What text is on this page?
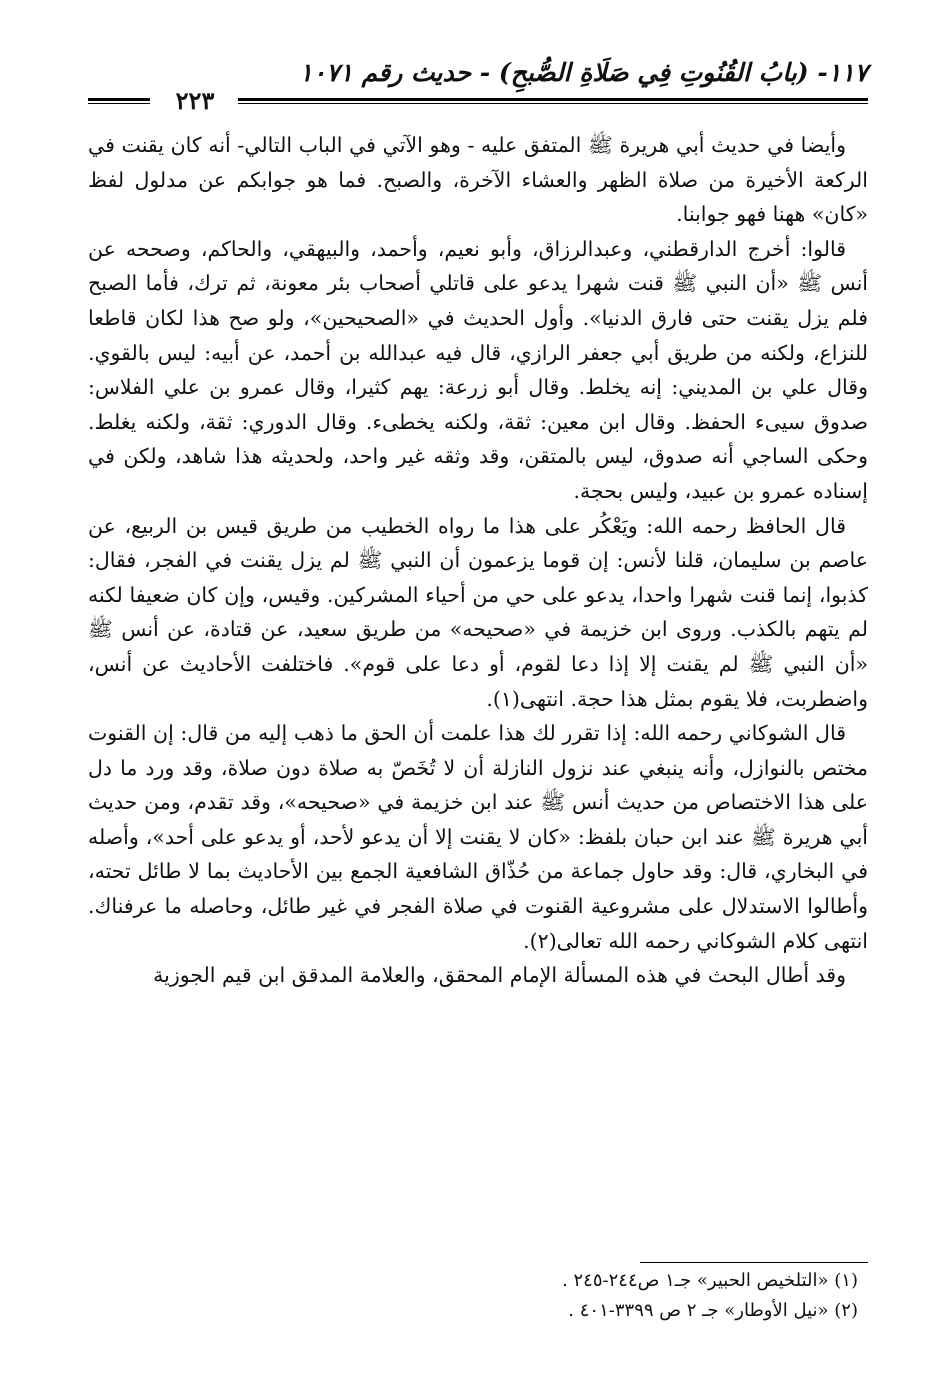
١١٧- (بابُ القُنُوتِ فِي صَلَاةِ الصُّبحِ) - حديث رقم ١٠٧١
٢٢٣

وأيضا في حديث أبي هريرة ﷺ المتفق عليه - وهو الآتي في الباب التالي- أنه كان يقنت في الركعة الأخيرة من صلاة الظهر والعشاء الآخرة، والصبح. فما هو جوابكم عن مدلول لفظ «كان» ههنا فهو جوابنا.

قالوا: أخرج الدارقطني، وعبدالرزاق، وأبو نعيم، وأحمد، والبيهقي، والحاكم، وصححه عن أنس ﷺ «أن النبي ﷺ قنت شهرا يدعو على قاتلي أصحاب بئر معونة، ثم ترك، فأما الصبح فلم يزل يقنت حتى فارق الدنيا». وأول الحديث في «الصحيحين»، ولو صح هذا لكان قاطعا للنزاع، ولكنه من طريق أبي جعفر الرازي، قال فيه عبدالله بن أحمد، عن أبيه: ليس بالقوي. وقال علي بن المديني: إنه يخلط. وقال أبو زرعة: يهم كثيرا، وقال عمرو بن علي الفلاس: صدوق سيىء الحفظ. وقال ابن معين: ثقة، ولكنه يخطىء. وقال الدوري: ثقة، ولكنه يغلط. وحكى الساجي أنه صدوق، ليس بالمتقن، وقد وثقه غير واحد، ولحديثه هذا شاهد، ولكن في إسناده عمرو بن عبيد، وليس بحجة.

قال الحافظ رحمه الله: ويَعْكُر على هذا ما رواه الخطيب من طريق قيس بن الربيع، عن عاصم بن سليمان، قلنا لأنس: إن قوما يزعمون أن النبي ﷺ لم يزل يقنت في الفجر، فقال: كذبوا، إنما قنت شهرا واحدا، يدعو على حي من أحياء المشركين. وقيس، وإن كان ضعيفا لكنه لم يتهم بالكذب. وروى ابن خزيمة في «صحيحه» من طريق سعيد، عن قتادة، عن أنس ﷺ «أن النبي ﷺ لم يقنت إلا إذا دعا لقوم، أو دعا على قوم». فاختلفت الأحاديث عن أنس، واضطربت، فلا يقوم بمثل هذا حجة. انتهى(١).

قال الشوكاني رحمه الله: إذا تقرر لك هذا علمت أن الحق ما ذهب إليه من قال: إن القنوت مختص بالنوازل، وأنه ينبغي عند نزول النازلة أن لا تُخَصّ به صلاة دون صلاة، وقد ورد ما دل على هذا الاختصاص من حديث أنس ﷺ عند ابن خزيمة في «صحيحه»، وقد تقدم، ومن حديث أبي هريرة ﷺ عند ابن حبان بلفظ: «كان لا يقنت إلا أن يدعو لأحد، أو يدعو على أحد»، وأصله في البخاري، قال: وقد حاول جماعة من حُذّاق الشافعية الجمع بين الأحاديث بما لا طائل تحته، وأطالوا الاستدلال على مشروعية القنوت في صلاة الفجر في غير طائل، وحاصله ما عرفناك. انتهى كلام الشوكاني رحمه الله تعالى(٢).

وقد أطال البحث في هذه المسألة الإمام المحقق، والعلامة المدقق ابن قيم الجوزية

(١) «التلخيص الحبير» جـ١ ص٢٤٤-٢٤٥ .

(٢) «نيل الأوطار» جـ ٢ ص ٣٣٩٩-٤٠١ .
